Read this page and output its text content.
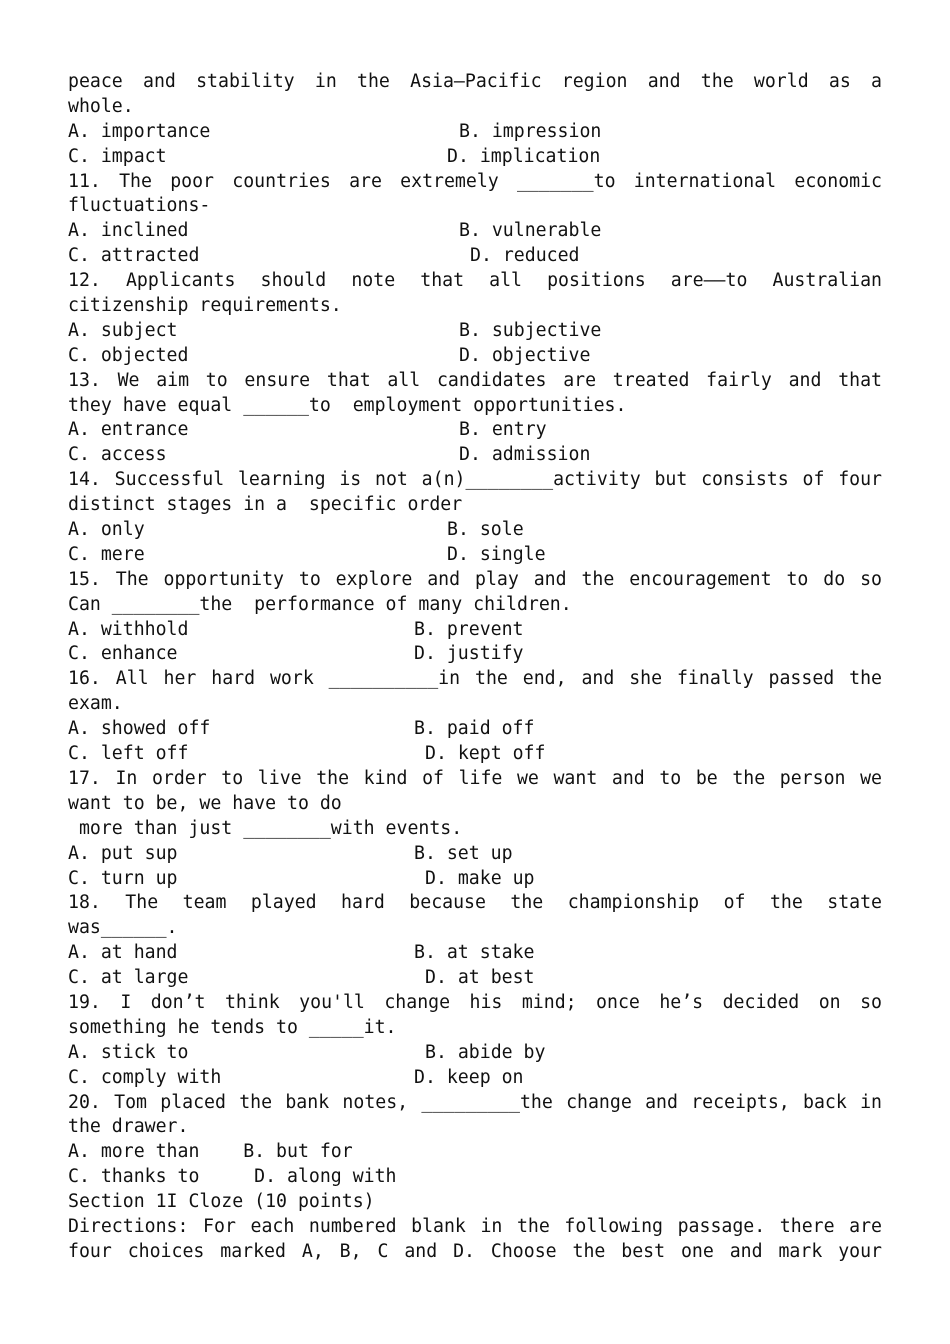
peace and stability in the Asia—Pacific region and the world as a
whole.
A. importance	B. impression
C. impact	D. implication
11. The poor countries are extremely _______to international economic
fluctuations-
A. inclined	B. vulnerable
C. attracted	D. reduced
12. Applicants should note that all positions are——to Australian
citizenship requirements.
A. subject	B. subjective
C. objected	D. objective
13. We aim to ensure that all candidates are treated fairly and that
they have equal ______to  employment opportunities.
A. entrance	B. entry
C. access	D. admission
14. Successful learning is not a(n)________activity but consists of four
distinct stages in a  specific order
A. only	B. sole
C. mere	D. single
15. The opportunity to explore and play and the encouragement to do so
Can ________the  performance of many children.
A. withhold	B. prevent
C. enhance	D. justify
16. All her hard work __________in the end, and she finally passed the
exam.
A. showed off	B. paid off
C. left off	D. kept off
17. In order to live the kind of life we want and to be the person we
want to be, we have to do
more than just ________with events.
A. put sup	B. set up
C. turn up	D. make up
18. The team played hard because the championship of the state
was______.
A. at hand	B. at stake
C. at large	D. at best
19. I don’t think you'll change his mind; once he’s decided on so
something he tends to _____it.
A. stick to	B. abide by
C. comply with	D. keep on
20. Tom placed the bank notes, _________the change and receipts, back in
the drawer.
A. more than    B. but for
C. thanks to     D. along with
Section 1I Cloze (10 points)
Directions: For each numbered blank in the following passage. there are
four choices marked A, B, C and D. Choose the best one and mark your
